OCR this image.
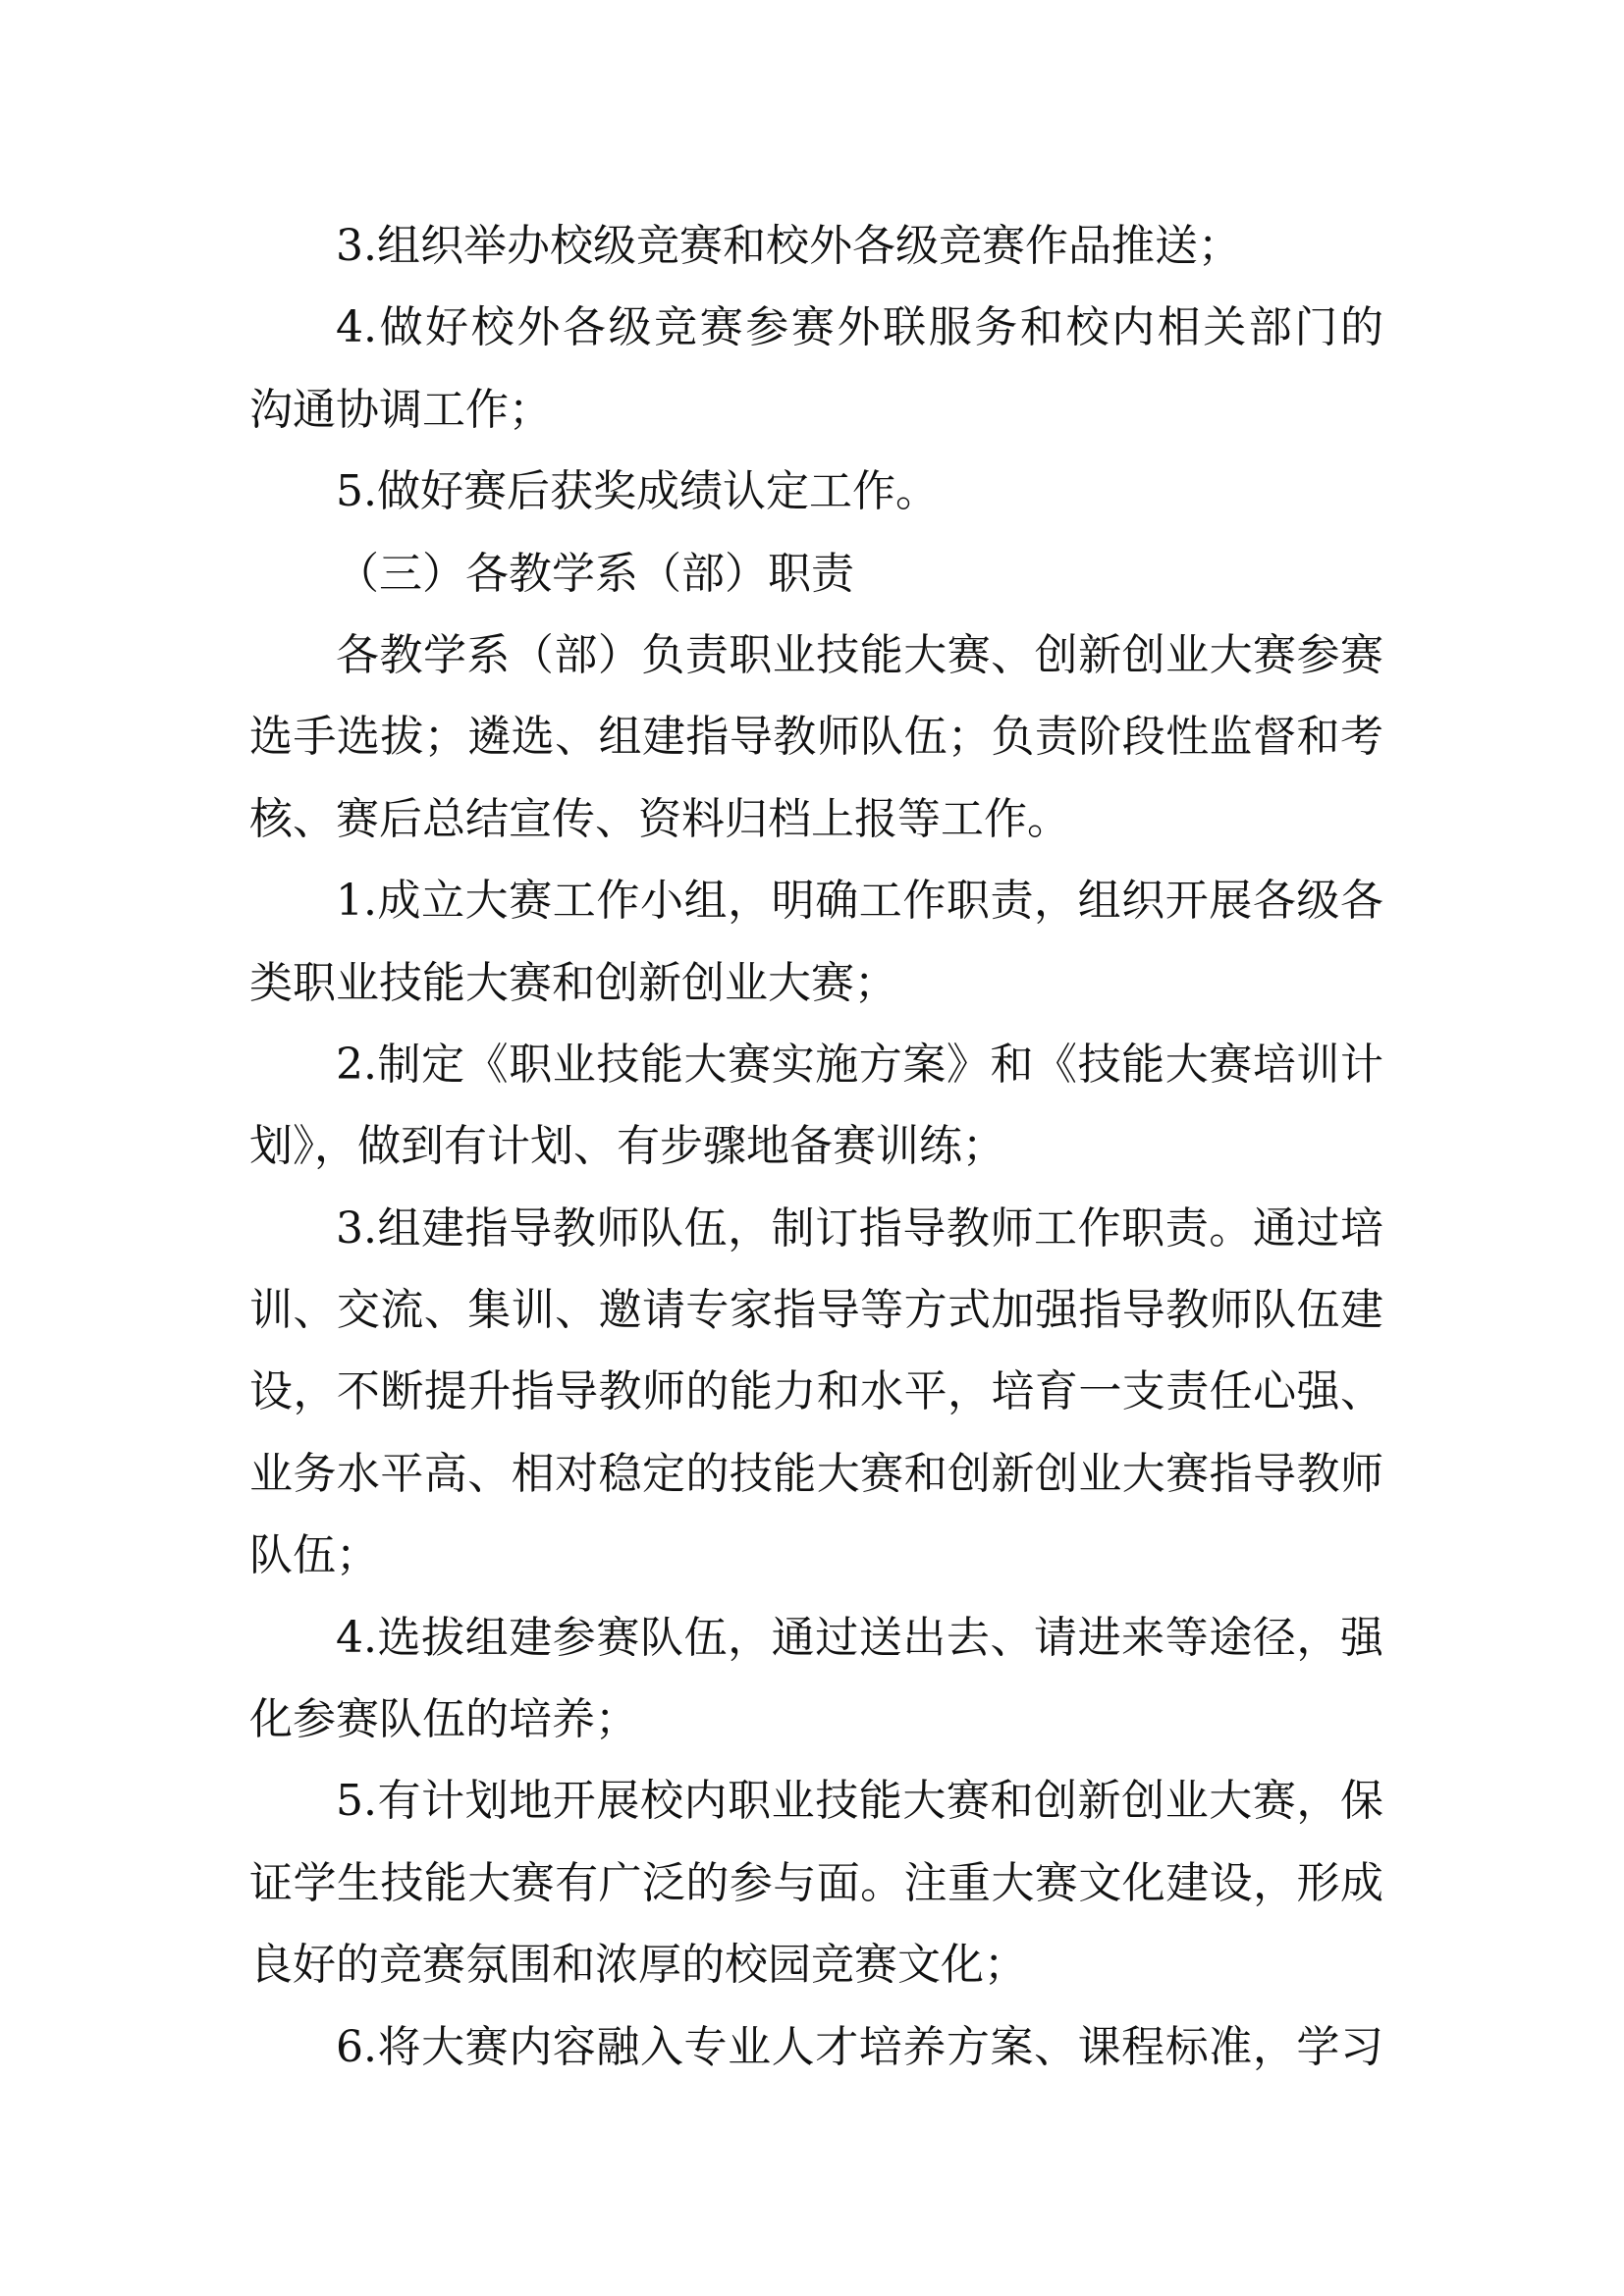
3.组织举办校级竞赛和校外各级竞赛作品推送；
4.做好校外各级竞赛参赛外联服务和校内相关部门的
沟通协调工作；
5.做好赛后获奖成绩认定工作。
（三）各教学系（部）职责
各教学系（部）负责职业技能大赛、创新创业大赛参赛
选手选拔；遴选、组建指导教师队伍；负责阶段性监督和考
核、赛后总结宣传、资料归档上报等工作。
1.成立大赛工作小组，明确工作职责，组织开展各级各
类职业技能大赛和创新创业大赛；
2.制定《职业技能大赛实施方案》和《技能大赛培训计
划》，做到有计划、有步骤地备赛训练；
3.组建指导教师队伍，制订指导教师工作职责。通过培
训、交流、集训、邀请专家指导等方式加强指导教师队伍建
设，不断提升指导教师的能力和水平，培育一支责任心强、
业务水平高、相对稳定的技能大赛和创新创业大赛指导教师
队伍；
4.选拔组建参赛队伍，通过送出去、请进来等途径，强
化参赛队伍的培养；
5.有计划地开展校内职业技能大赛和创新创业大赛，保
证学生技能大赛有广泛的参与面。注重大赛文化建设，形成
良好的竞赛氛围和浓厚的校园竞赛文化；
6.将大赛内容融入专业人才培养方案、课程标准，学习
